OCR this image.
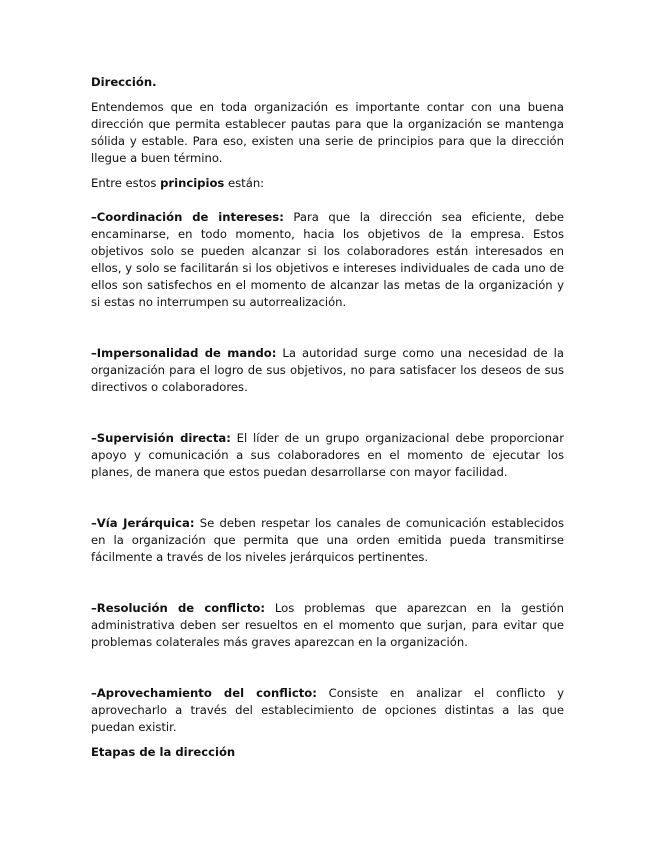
Dirección.

Entendemos que en toda organización es importante contar con una buena dirección que permita establecer pautas para que la organización se mantenga sólida y estable. Para eso, existen una serie de principios para que la dirección llegue a buen término.

Entre estos principios están:

–Coordinación de intereses: Para que la dirección sea eficiente, debe encaminarse, en todo momento, hacia los objetivos de la empresa. Estos objetivos solo se pueden alcanzar si los colaboradores están interesados en ellos, y solo se facilitarán si los objetivos e intereses individuales de cada uno de ellos son satisfechos en el momento de alcanzar las metas de la organización y si estas no interrumpen su autorrealización.

–Impersonalidad de mando: La autoridad surge como una necesidad de la organización para el logro de sus objetivos, no para satisfacer los deseos de sus directivos o colaboradores.

–Supervisión directa: El líder de un grupo organizacional debe proporcionar apoyo y comunicación a sus colaboradores en el momento de ejecutar los planes, de manera que estos puedan desarrollarse con mayor facilidad.

–Vía Jerárquica: Se deben respetar los canales de comunicación establecidos en la organización que permita que una orden emitida pueda transmitirse fácilmente a través de los niveles jerárquicos pertinentes.

–Resolución de conflicto: Los problemas que aparezcan en la gestión administrativa deben ser resueltos en el momento que surjan, para evitar que problemas colaterales más graves aparezcan en la organización.

–Aprovechamiento del conflicto: Consiste en analizar el conflicto y aprovecharlo a través del establecimiento de opciones distintas a las que puedan existir.

Etapas de la dirección
